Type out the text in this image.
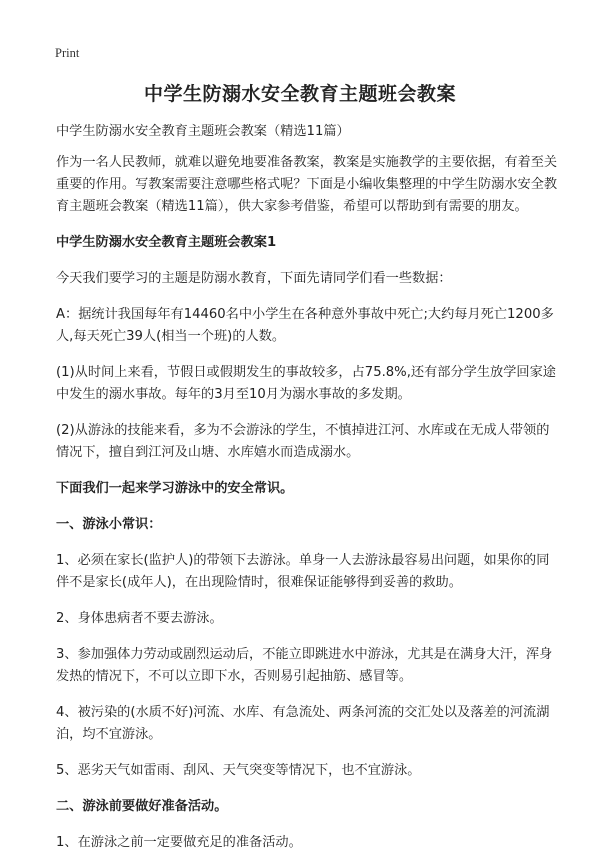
Print
中学生防溺水安全教育主题班会教案

中学生防溺水安全教育主题班会教案（精选11篇）

作为一名人民教师，就难以避免地要准备教案，教案是实施教学的主要依据，有着至关重要的作用。写教案需要注意哪些格式呢？下面是小编收集整理的中学生防溺水安全教育主题班会教案（精选11篇），供大家参考借鉴，希望可以帮助到有需要的朋友。

中学生防溺水安全教育主题班会教案1

今天我们要学习的主题是防溺水教育，下面先请同学们看一些数据：

A：据统计我国每年有14460名中小学生在各种意外事故中死亡;大约每月死亡1200多人,每天死亡39人(相当一个班)的人数。

(1)从时间上来看，节假日或假期发生的事故较多，占75.8%,还有部分学生放学回家途中发生的溺水事故。每年的3月至10月为溺水事故的多发期。

(2)从游泳的技能来看，多为不会游泳的学生，不慎掉进江河、水库或在无成人带领的情况下，擅自到江河及山塘、水库嬉水而造成溺水。

下面我们一起来学习游泳中的安全常识。

一、游泳小常识：

1、必须在家长(监护人)的带领下去游泳。单身一人去游泳最容易出问题，如果你的同伴不是家长(成年人)，在出现险情时，很难保证能够得到妥善的救助。

2、身体患病者不要去游泳。

3、参加强体力劳动或剧烈运动后，不能立即跳进水中游泳，尤其是在满身大汗，浑身发热的情况下，不可以立即下水，否则易引起抽筋、感冒等。

4、被污染的(水质不好)河流、水库、有急流处、两条河流的交汇处以及落差的河流湖泊，均不宜游泳。

5、恶劣天气如雷雨、刮风、天气突变等情况下，也不宜游泳。

二、游泳前要做好准备活动。

1、在游泳之前一定要做充足的准备活动。
